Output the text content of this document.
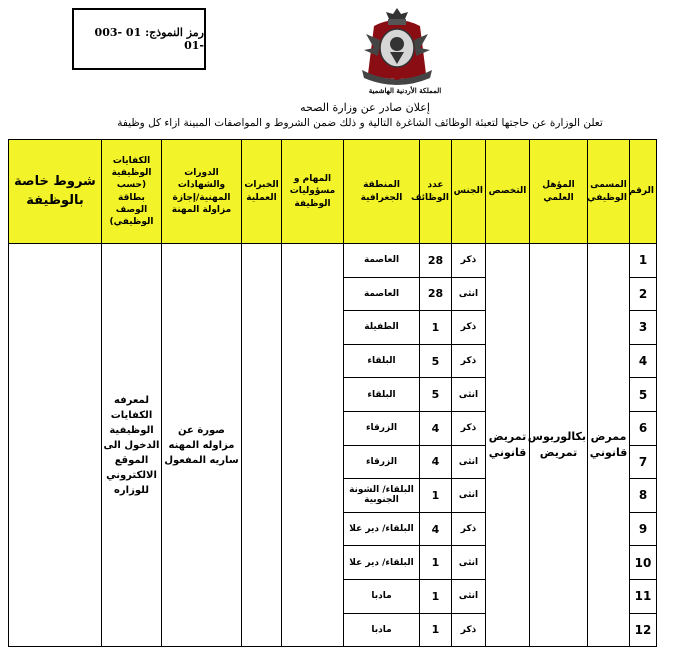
رمز النموذج: 01 -003 -01
المملكة الأردنية الهاشمية
إعلان صادر عن وزارة الصحه
تعلن الوزارة عن حاجتها لتعبئة الوظائف الشاغرة التالية و ذلك ضمن الشروط و المواصفات المبينة ازاء كل وظيفة
الرقم	المسمى الوظيفي	المؤهل العلمي	التخصص	الجنس	عدد الوظائف	المنطقة الجغرافية	المهام و مسؤوليات الوظيفة	الخبرات العملية	الدورات والشهادات المهنية/إجازة مزاولة المهنة	الكفايات الوظيفية (حسب بطاقة الوصف الوظيفي)	شروط خاصة بالوظيفة
1	ممرض قانوني	بكالوريوس تمريض	تمريض قانوني	ذكر	28	العاصمة			صورة عن مزاوله المهنه ساريه المفعول	لمعرفه الكفايات الوظيفية الدخول الى الموقع الالكتروني للوزاره	
2				انثى	28	العاصمة					
3				ذكر	1	الطفيلة					
4				ذكر	5	البلقاء					
5				انثى	5	البلقاء					
6				ذكر	4	الزرقاء					
7				انثى	4	الزرقاء					
8				انثى	1	البلقاء/ الشونة الجنوبية					
9				ذكر	4	البلقاء/ دير علا					
10				انثى	1	البلقاء/ دير علا					
11				انثى	1	مادبا					
12				ذكر	1	مادبا					
